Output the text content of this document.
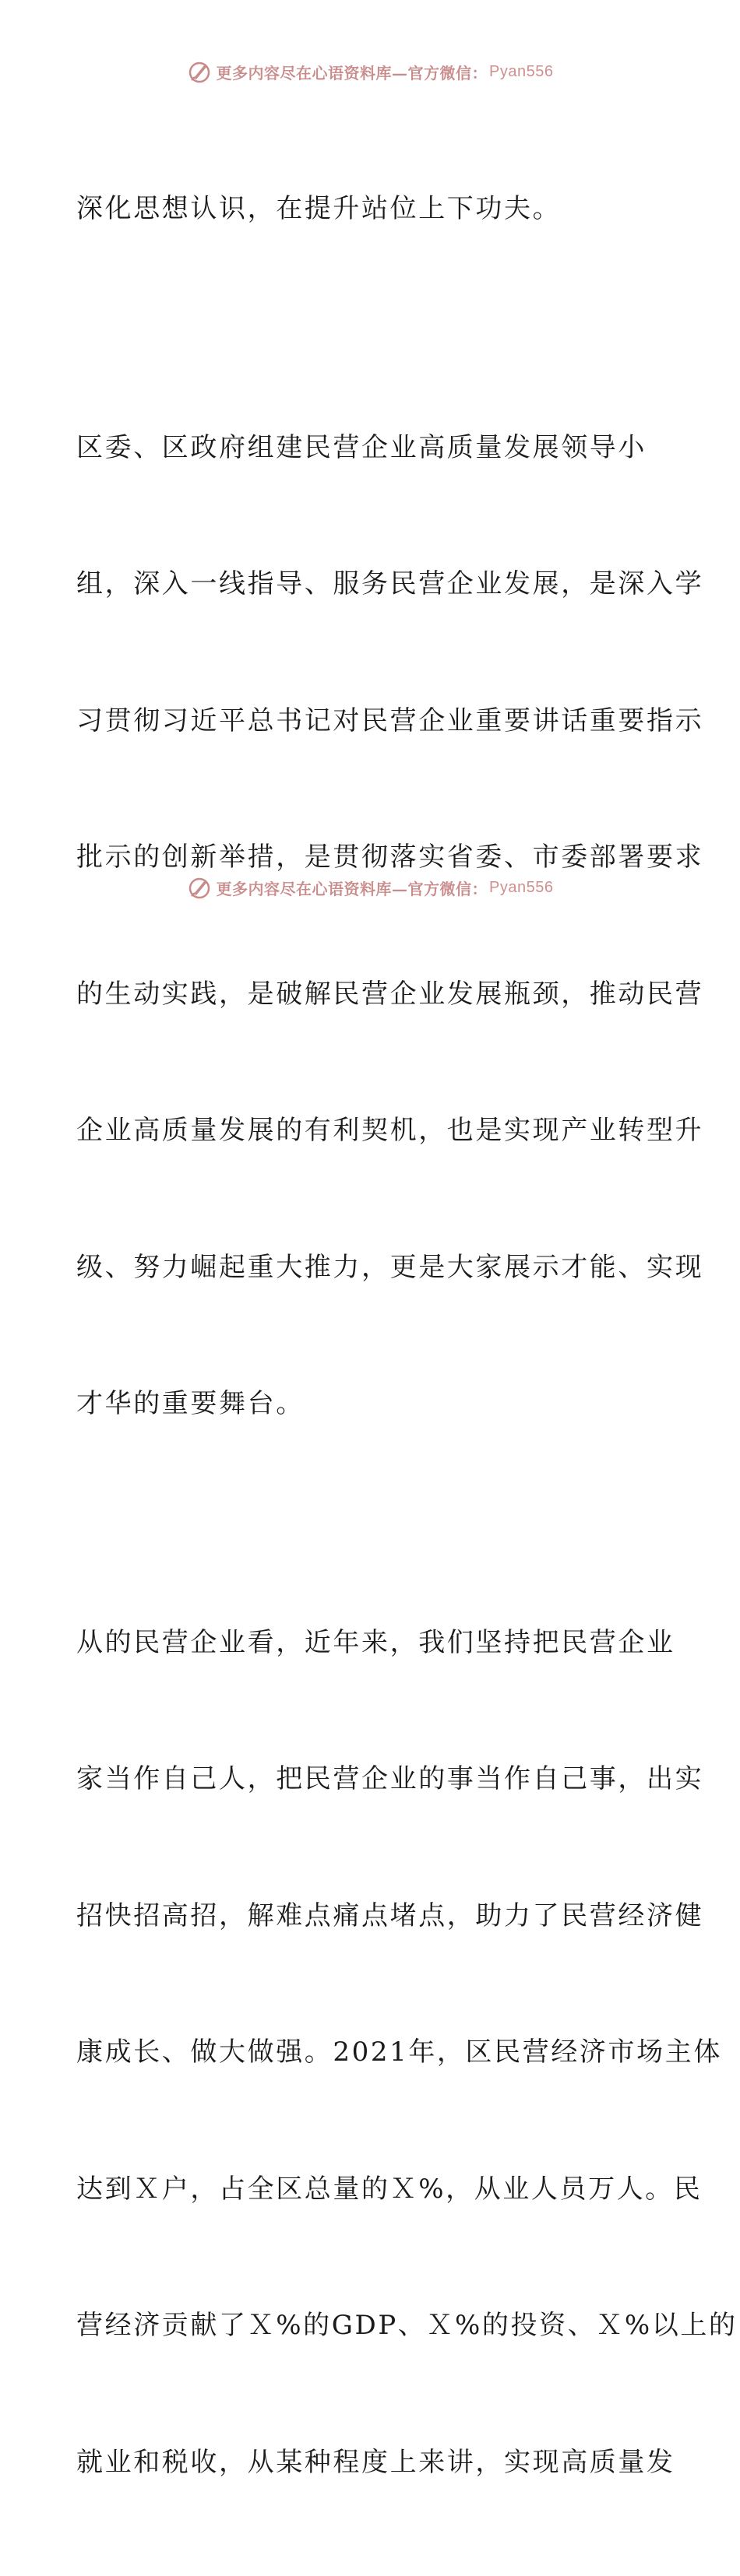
更多内容尽在心语资料库—官方微信： Pyan556

深化思想认识，在提升站位上下功夫。

区委、区政府组建民营企业高质量发展领导小

组，深入一线指导、服务民营企业发展，是深入学

习贯彻习近平总书记对民营企业重要讲话重要指示

批示的创新举措，是贯彻落实省委、市委部署要求

的生动实践，是破解民营企业发展瓶颈，推动民营

企业高质量发展的有利契机，也是实现产业转型升

级、努力崛起重大推力，更是大家展示才能、实现

才华的重要舞台。

从的民营企业看，近年来，我们坚持把民营企业

家当作自己人，把民营企业的事当作自己事，出实

招快招高招，解难点痛点堵点，助力了民营经济健

康成长、做大做强。2021年，区民营经济市场主体

达到Ｘ户，占全区总量的Ｘ%，从业人员万人。民

营经济贡献了Ｘ%的GDP、Ｘ%的投资、Ｘ%以上的

就业和税收，从某种程度上来讲，实现高质量发

更多内容尽在心语资料库—官方微信： Pyan556
